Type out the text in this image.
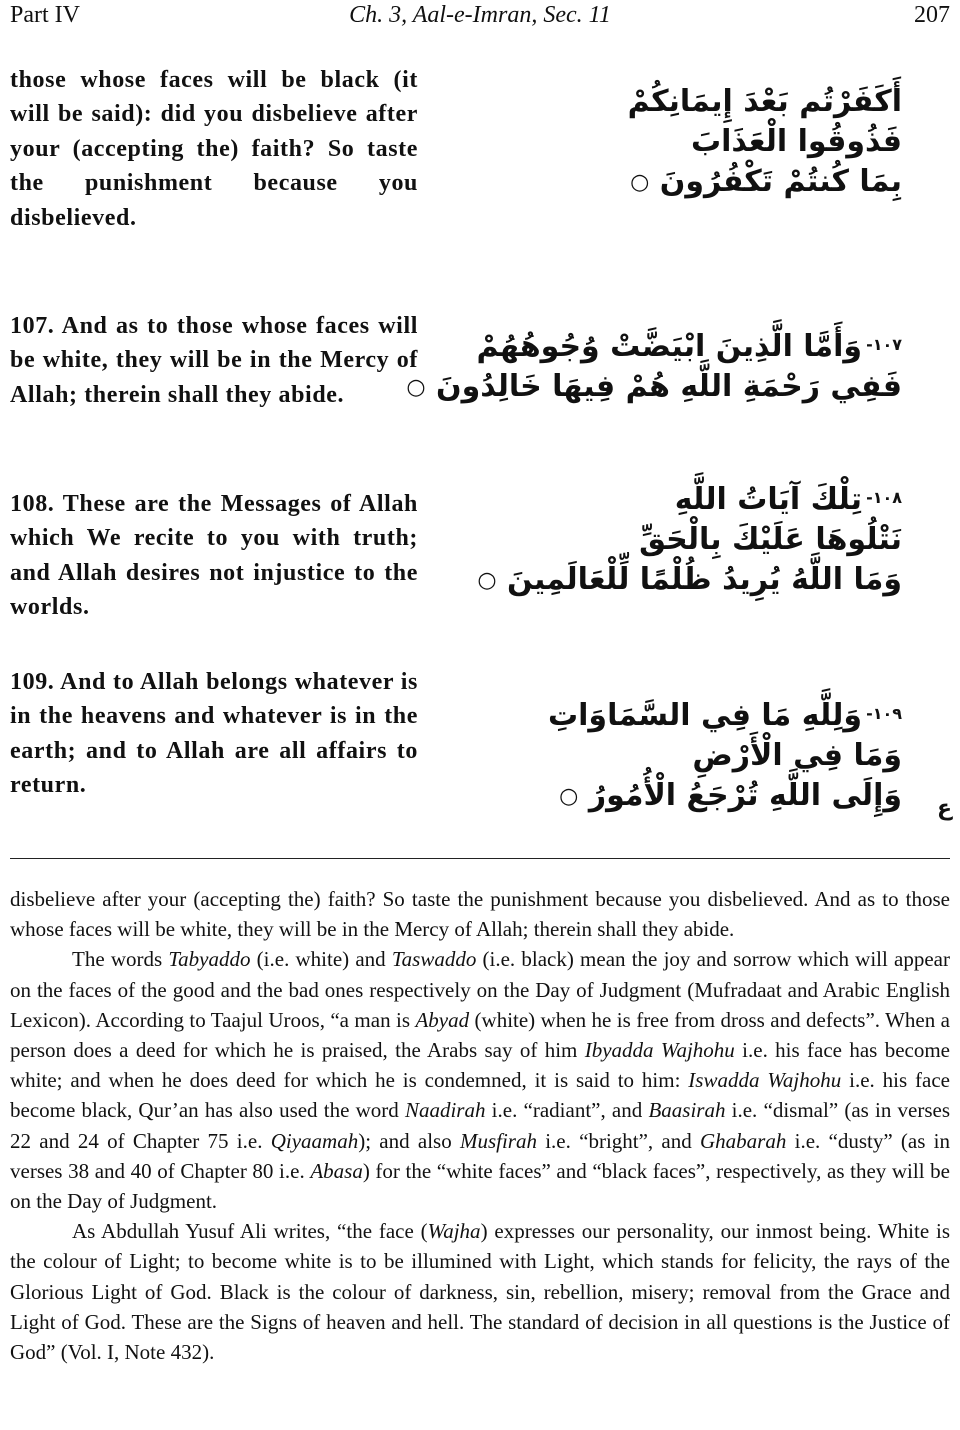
Part IV	Ch. 3, Aal-e-Imran, Sec. 11	207
those whose faces will be black (it will be said): did you disbelieve after your (accepting the) faith? So taste the punishment because you disbelieved.
أَكَفَرْتُم بَعْدَ إِيمَانِكُمْ
فَذُوقُوا الْعَذَابَ
بِمَا كُنتُمْ تَكْفُرُونَ ○
107. And as to those whose faces will be white, they will be in the Mercy of Allah; therein shall they abide.
$^{١٠٧-}$وَأَمَّا الَّذِينَ ابْيَضَّتْ وُجُوهُهُمْ
فَفِي رَحْمَةِ اللَّهِ هُمْ فِيهَا خَالِدُونَ ○
108. These are the Messages of Allah which We recite to you with truth; and Allah desires not injustice to the worlds.
$^{١٠٨-}$تِلْكَ آيَاتُ اللَّهِ
نَتْلُوهَا عَلَيْكَ بِالْحَقِّ
وَمَا اللَّهُ يُرِيدُ ظُلْمًا لِّلْعَالَمِينَ ○
109. And to Allah belongs whatever is in the heavens and whatever is in the earth; and to Allah are all affairs to return.
$^{١٠٩-}$وَلِلَّهِ مَا فِي السَّمَاوَاتِ
وَمَا فِي الْأَرْضِ
وَإِلَى اللَّهِ تُرْجَعُ الْأُمُورُ ○	ع

disbelieve after your (accepting the) faith? So taste the punishment because you disbelieved. And as to those whose faces will be white, they will be in the Mercy of Allah; therein shall they abide.

The words Tabyaddo (i.e. white) and Taswaddo (i.e. black) mean the joy and sorrow which will appear on the faces of the good and the bad ones respectively on the Day of Judgment (Mufradaat and Arabic English Lexicon). According to Taajul Uroos, “a man is Abyad (white) when he is free from dross and defects”. When a person does a deed for which he is praised, the Arabs say of him Ibyadda Wajhohu i.e. his face has become white; and when he does deed for which he is condemned, it is said to him: Iswadda Wajhohu i.e. his face become black, Qur’an has also used the word Naadirah i.e. “radiant”, and Baasirah i.e. “dismal” (as in verses 22 and 24 of Chapter 75 i.e. Qiyaamah); and also Musfirah i.e. “bright”, and Ghabarah i.e. “dusty” (as in verses 38 and 40 of Chapter 80 i.e. Abasa) for the “white faces” and “black faces”, respectively, as they will be on the Day of Judgment.

As Abdullah Yusuf Ali writes, “the face (Wajha) expresses our personality, our inmost being. White is the colour of Light; to become white is to be illumined with Light, which stands for felicity, the rays of the Glorious Light of God. Black is the colour of darkness, sin, rebellion, misery; removal from the Grace and Light of God. These are the Signs of heaven and hell. The standard of decision in all questions is the Justice of God” (Vol. I, Note 432).
